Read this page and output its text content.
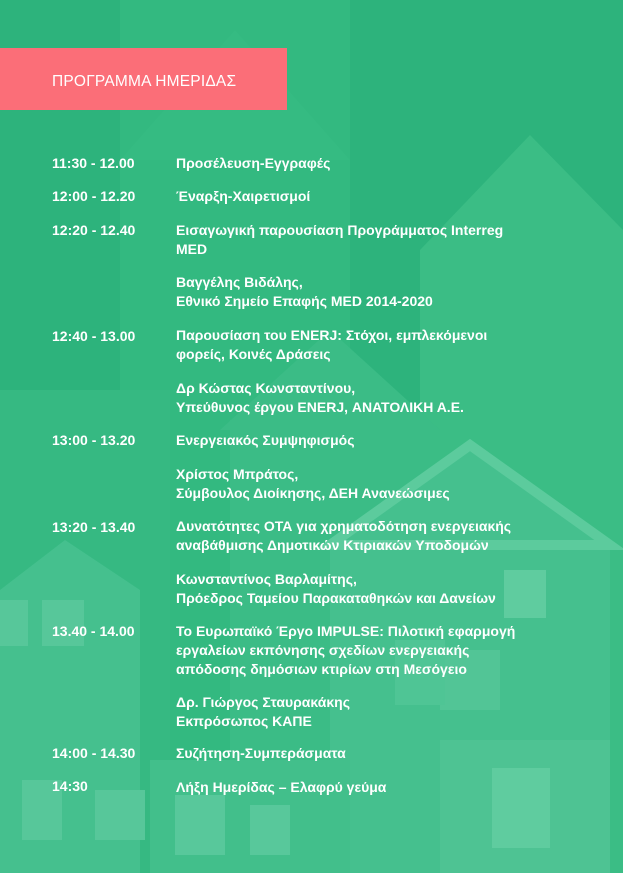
ΠΡΟΓΡΑΜΜΑ ΗΜΕΡΙΔΑΣ
11:30 - 12.00	Προσέλευση-Εγγραφές
12:00 - 12.20	Έναρξη-Χαιρετισμοί
12:20 - 12.40	Εισαγωγική παρουσίαση Προγράμματος Interreg
MED
Βαγγέλης Βιδάλης,
Εθνικό Σημείο Επαφής MED 2014-2020
12:40 - 13.00	Παρουσίαση του ENERJ: Στόχοι, εμπλεκόμενοι
φορείς, Κοινές Δράσεις
Δρ Κώστας Κωνσταντίνου,
Υπεύθυνος έργου ENERJ, ΑΝΑΤΟΛΙΚΗ Α.Ε.
13:00 - 13.20	Ενεργειακός Συμψηφισμός
Χρίστος Μπράτος,
Σύμβουλος Διοίκησης, ΔΕΗ Ανανεώσιμες
13:20 - 13.40	Δυνατότητες ΟΤΑ για χρηματοδότηση ενεργειακής
αναβάθμισης Δημοτικών Κτιριακών Υποδομών
Κωνσταντίνος Βαρλαμίτης,
Πρόεδρος Ταμείου Παρακαταθηκών και Δανείων
13.40 - 14.00	Το Ευρωπαϊκό Έργο IMPULSE: Πιλοτική εφαρμογή
εργαλείων εκπόνησης σχεδίων ενεργειακής
απόδοσης δημόσιων κτιρίων στη Μεσόγειο
Δρ. Γιώργος Σταυρακάκης
Εκπρόσωπος ΚΑΠΕ
14:00 - 14.30	Συζήτηση-Συμπεράσματα
14:30	Λήξη Ημερίδας – Ελαφρύ γεύμα
